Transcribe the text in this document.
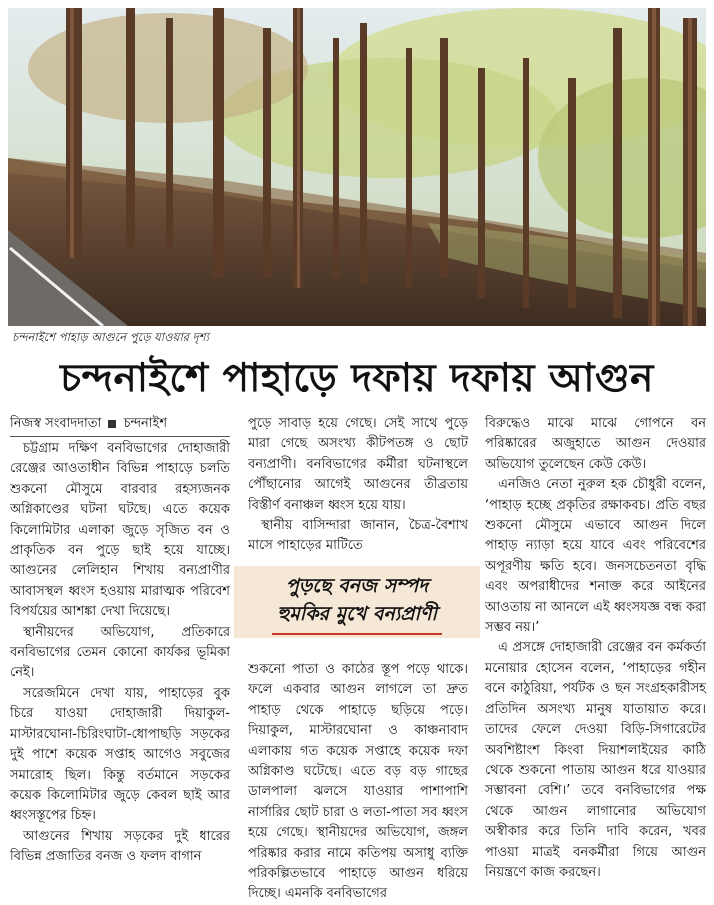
চন্দনাইশে পাহাড় আগুনে পুড়ে যাওয়ার দৃশ্য
চন্দনাইশে পাহাড়ে দফায় দফায় আগুন
নিজস্ব সংবাদদাতা চন্দনাইশ

চট্টগ্রাম দক্ষিণ বনবিভাগের দোহাজারী রেঞ্জের আওতাধীন বিভিন্ন পাহাড়ে চলতি শুকনো মৌসুমে বারবার রহস্যজনক অগ্নিকাণ্ডের ঘটনা ঘটছে। এতে কয়েক কিলোমিটার এলাকা জুড়ে সৃজিত বন ও প্রাকৃতিক বন পুড়ে ছাই হয়ে যাচ্ছে। আগুনের লেলিহান শিখায় বন্যপ্রাণীর আবাসস্থল ধ্বংস হওয়ায় মারাত্মক পরিবেশ বিপর্যয়ের আশঙ্কা দেখা দিয়েছে।

স্থানীয়দের অভিযোগ, প্রতিকারে বনবিভাগের তেমন কোনো কার্যকর ভূমিকা নেই।

সরেজমিনে দেখা যায়, পাহাড়ের বুক চিরে যাওয়া দোহাজারী দিয়াকুল-মাস্টারঘোনা-চিরিংঘাটা-ধোপাছড়ি সড়কের দুই পাশে কয়েক সপ্তাহ আগেও সবুজের সমারোহ ছিল। কিন্তু বর্তমানে সড়কের কয়েক কিলোমিটার জুড়ে কেবল ছাই আর ধ্বংসস্তূপের চিহ্ন।

আগুনের শিখায় সড়কের দুই ধারের বিভিন্ন প্রজাতির বনজ ও ফলদ বাগান

পুড়ে সাবাড় হয়ে গেছে। সেই সাথে পুড়ে মারা গেছে অসংখ্য কীটপতঙ্গ ও ছোট বন্যপ্রাণী। বনবিভাগের কর্মীরা ঘটনাস্থলে পৌঁছানোর আগেই আগুনের তীব্রতায় বিস্তীর্ণ বনাঞ্চল ধ্বংস হয়ে যায়।

স্থানীয় বাসিন্দারা জানান, চৈত্র-বৈশাখ মাসে পাহাড়ের মাটিতে

পুড়ছে বনজ সম্পদ
হুমকির মুখে বন্যপ্রাণী

শুকনো পাতা ও কাঠের স্তূপ পড়ে থাকে। ফলে একবার আগুন লাগলে তা দ্রুত পাহাড় থেকে পাহাড়ে ছড়িয়ে পড়ে। দিয়াকুল, মাস্টারঘোনা ও কাঞ্চনাবাদ এলাকায় গত কয়েক সপ্তাহে কয়েক দফা অগ্নিকাণ্ড ঘটেছে। এতে বড় বড় গাছের ডালপালা ঝলসে যাওয়ার পাশাপাশি নার্সারির ছোট চারা ও লতা-পাতা সব ধ্বংস হয়ে গেছে। স্থানীয়দের অভিযোগ, জঙ্গল পরিষ্কার করার নামে কতিপয় অসাধু ব্যক্তি পরিকল্পিতভাবে পাহাড়ে আগুন ধরিয়ে দিচ্ছে। এমনকি বনবিভাগের

বিরুদ্ধেও মাঝে মাঝে গোপনে বন পরিষ্কারের অজুহাতে আগুন দেওয়ার অভিযোগ তুলেছেন কেউ কেউ।

এনজিও নেতা নুরুল হক চৌধুরী বলেন, ‘পাহাড় হচ্ছে প্রকৃতির রক্ষাকবচ। প্রতি বছর শুকনো মৌসুমে এভাবে আগুন দিলে পাহাড় ন্যাড়া হয়ে যাবে এবং পরিবেশের অপূরণীয় ক্ষতি হবে। জনসচেতনতা বৃদ্ধি এবং অপরাধীদের শনাক্ত করে আইনের আওতায় না আনলে এই ধ্বংসযজ্ঞ বন্ধ করা সম্ভব নয়।’

এ প্রসঙ্গে দোহাজারী রেঞ্জের বন কর্মকর্তা মনোয়ার হোসেন বলেন, ‘পাহাড়ের গহীন বনে কাঠুরিয়া, পর্যটক ও ছন সংগ্রহকারীসহ প্রতিদিন অসংখ্য মানুষ যাতায়াত করে। তাদের ফেলে দেওয়া বিড়ি-সিগারেটের অবশিষ্টাংশ কিংবা দিয়াশলাইয়ের কাঠি থেকে শুকনো পাতায় আগুন ধরে যাওয়ার সম্ভাবনা বেশি।’ তবে বনবিভাগের পক্ষ থেকে আগুন লাগানোর অভিযোগ অস্বীকার করে তিনি দাবি করেন, খবর পাওয়া মাত্রই বনকর্মীরা গিয়ে আগুন নিয়ন্ত্রণে কাজ করছেন।
